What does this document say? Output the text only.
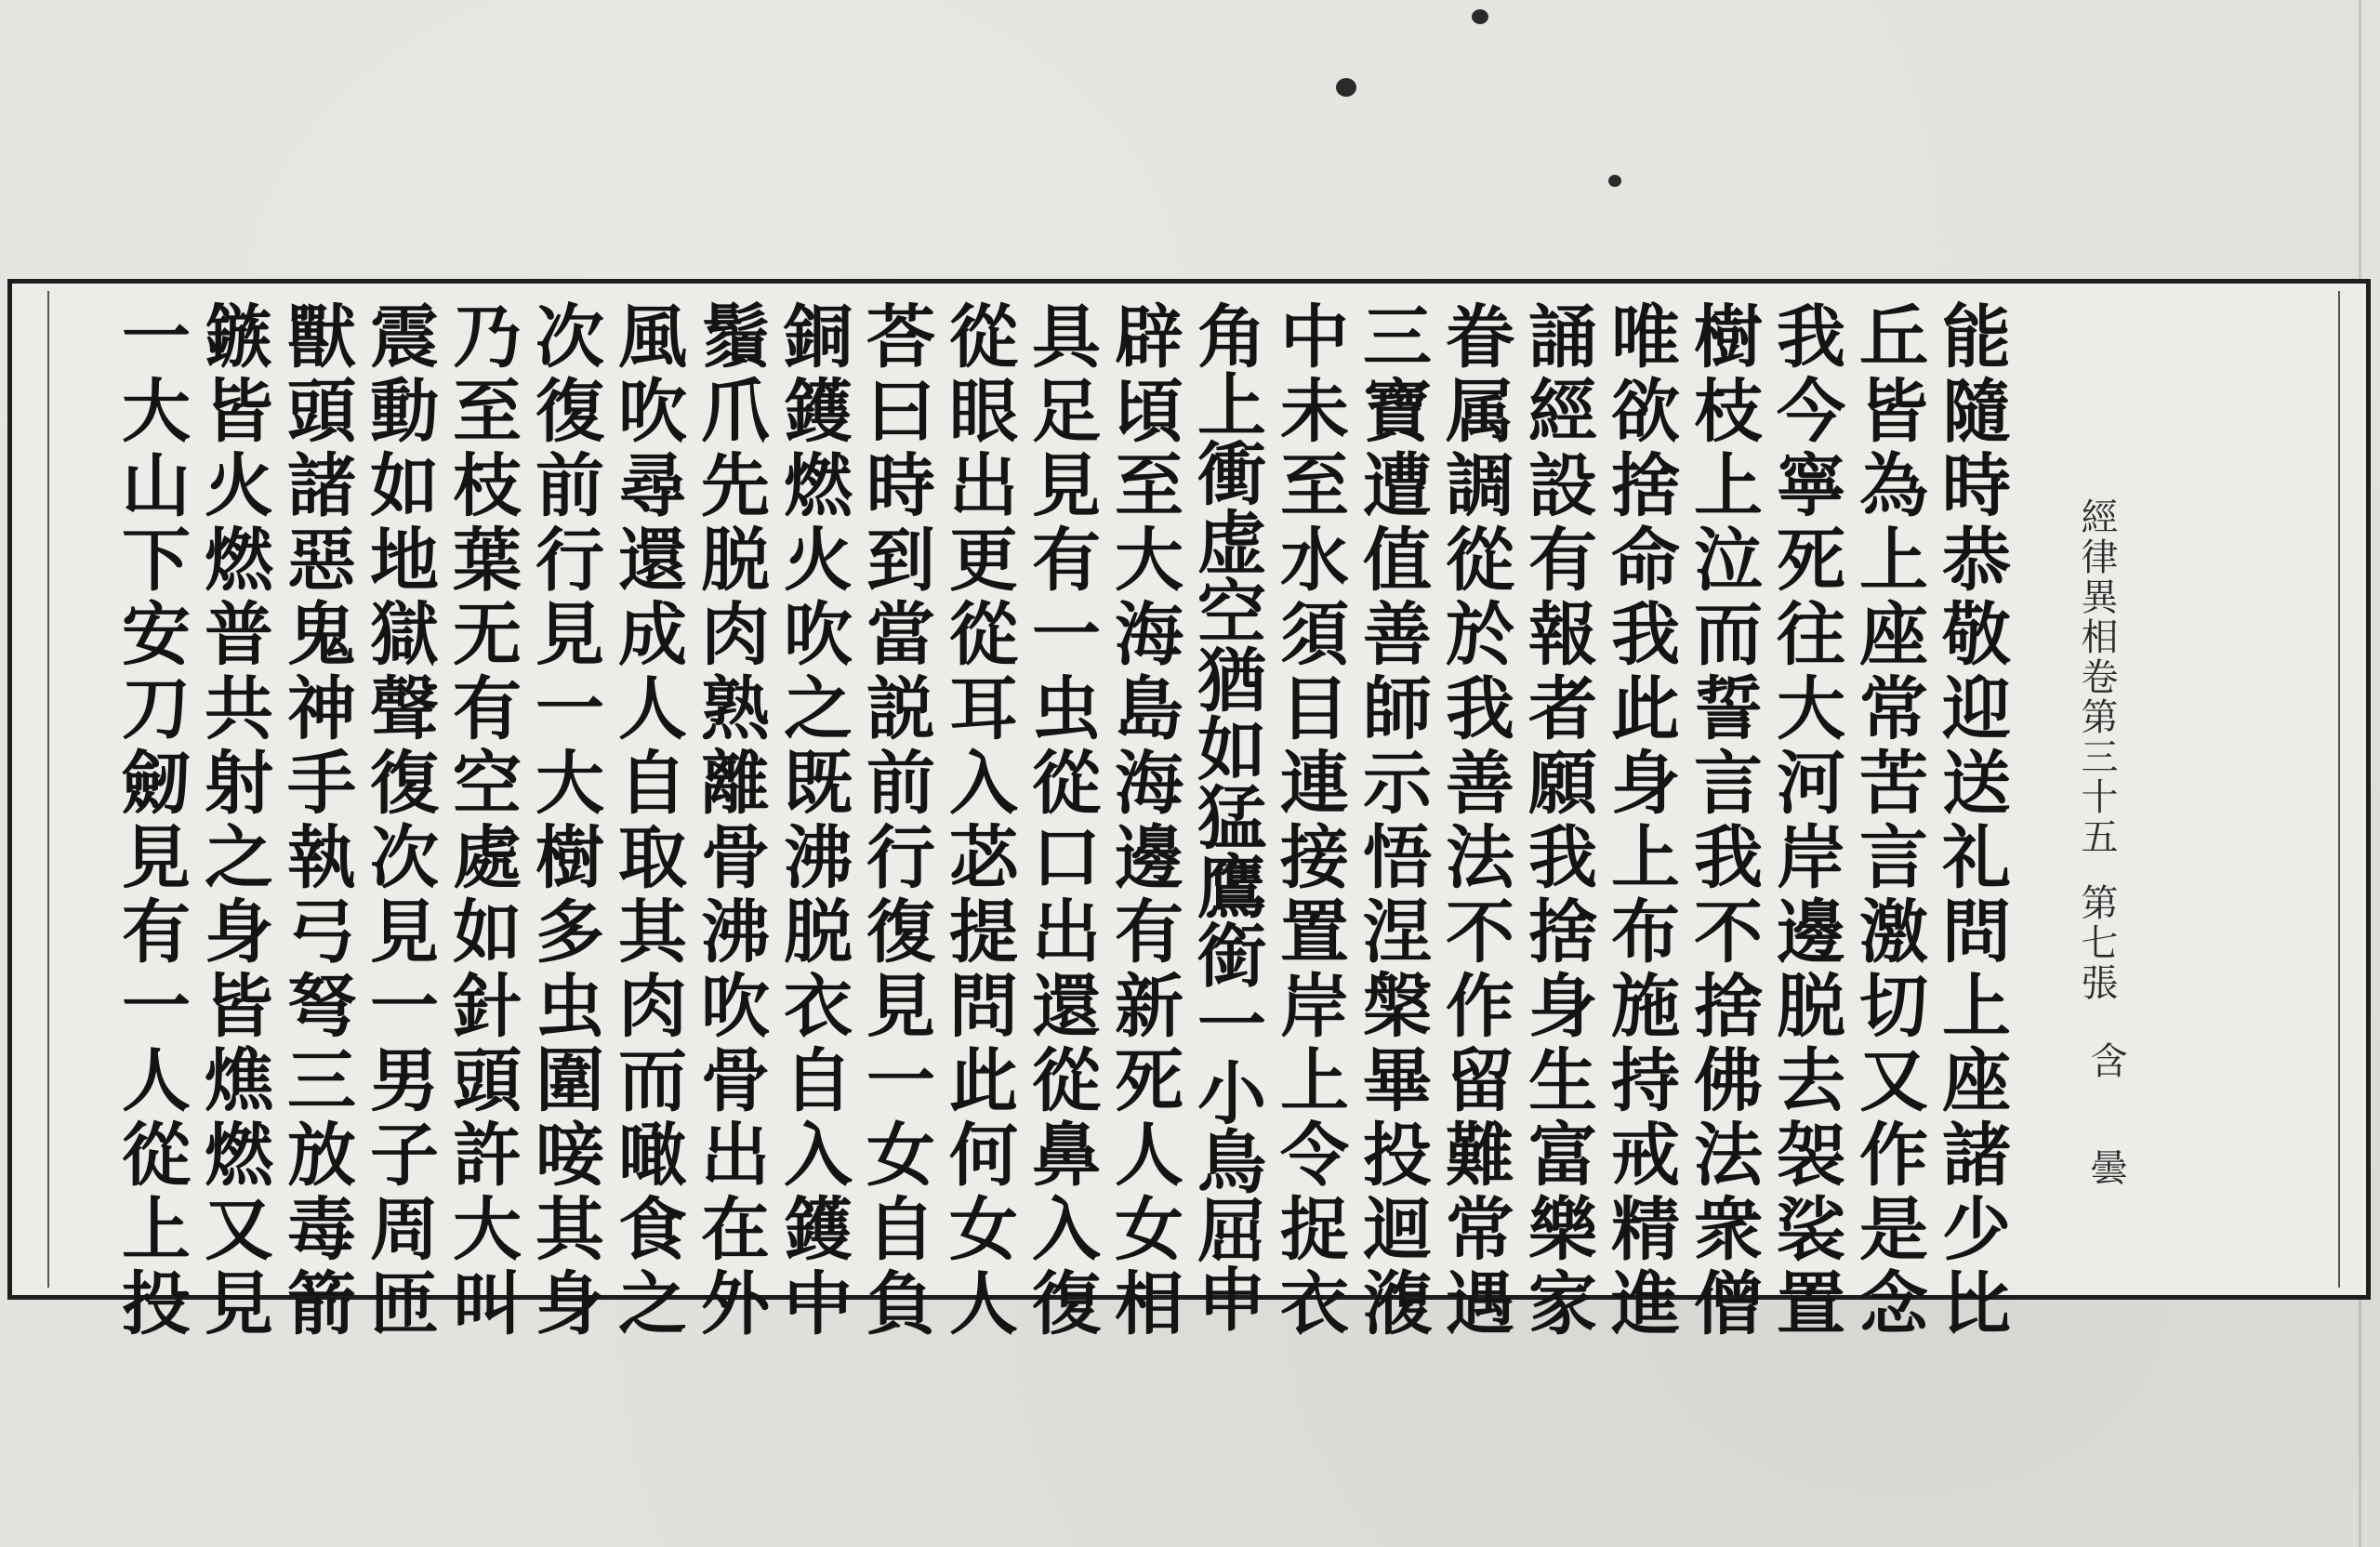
經律異相卷第三十五
第七張
含
曇
能隨時恭敬迎送礼問上座諸少比
丘皆為上座常苦言激切又作是念
我今寧死往大河岸邊脱去袈裟置
樹枝上泣而誓言我不捨佛法衆僧
唯欲捨命我此身上布施持戒精進
誦經設有報者願我捨身生富樂家
眷属調從於我善法不作留難常遇
三寶遭值善師示悟涅槃畢投迴澓
中未至水須目連接置岸上令捉衣
角上衝虚空猶如猛鷹銜一小鳥屈申
辟頃至大海島海邊有新死人女相
具足見有一虫從口出還從鼻入復
從眼出更從耳入苾提問此何女人
荅曰時到當説前行復見一女自負
銅鑊燃火吹之既沸脱衣自入鑊中
鬚爪先脱肉熟離骨沸吹骨出在外
風吹尋還成人自取其肉而噉食之
次復前行見一大樹多虫圍唼其身
乃至枝葉无有空處如針頭許大叫
震動如地獄聲復次見一男子周匝
獸頭諸惡鬼神手執弓弩三放毒箭
鏃皆火燃普共射之身皆燋燃又見
一大山下安刀劒見有一人從上投
